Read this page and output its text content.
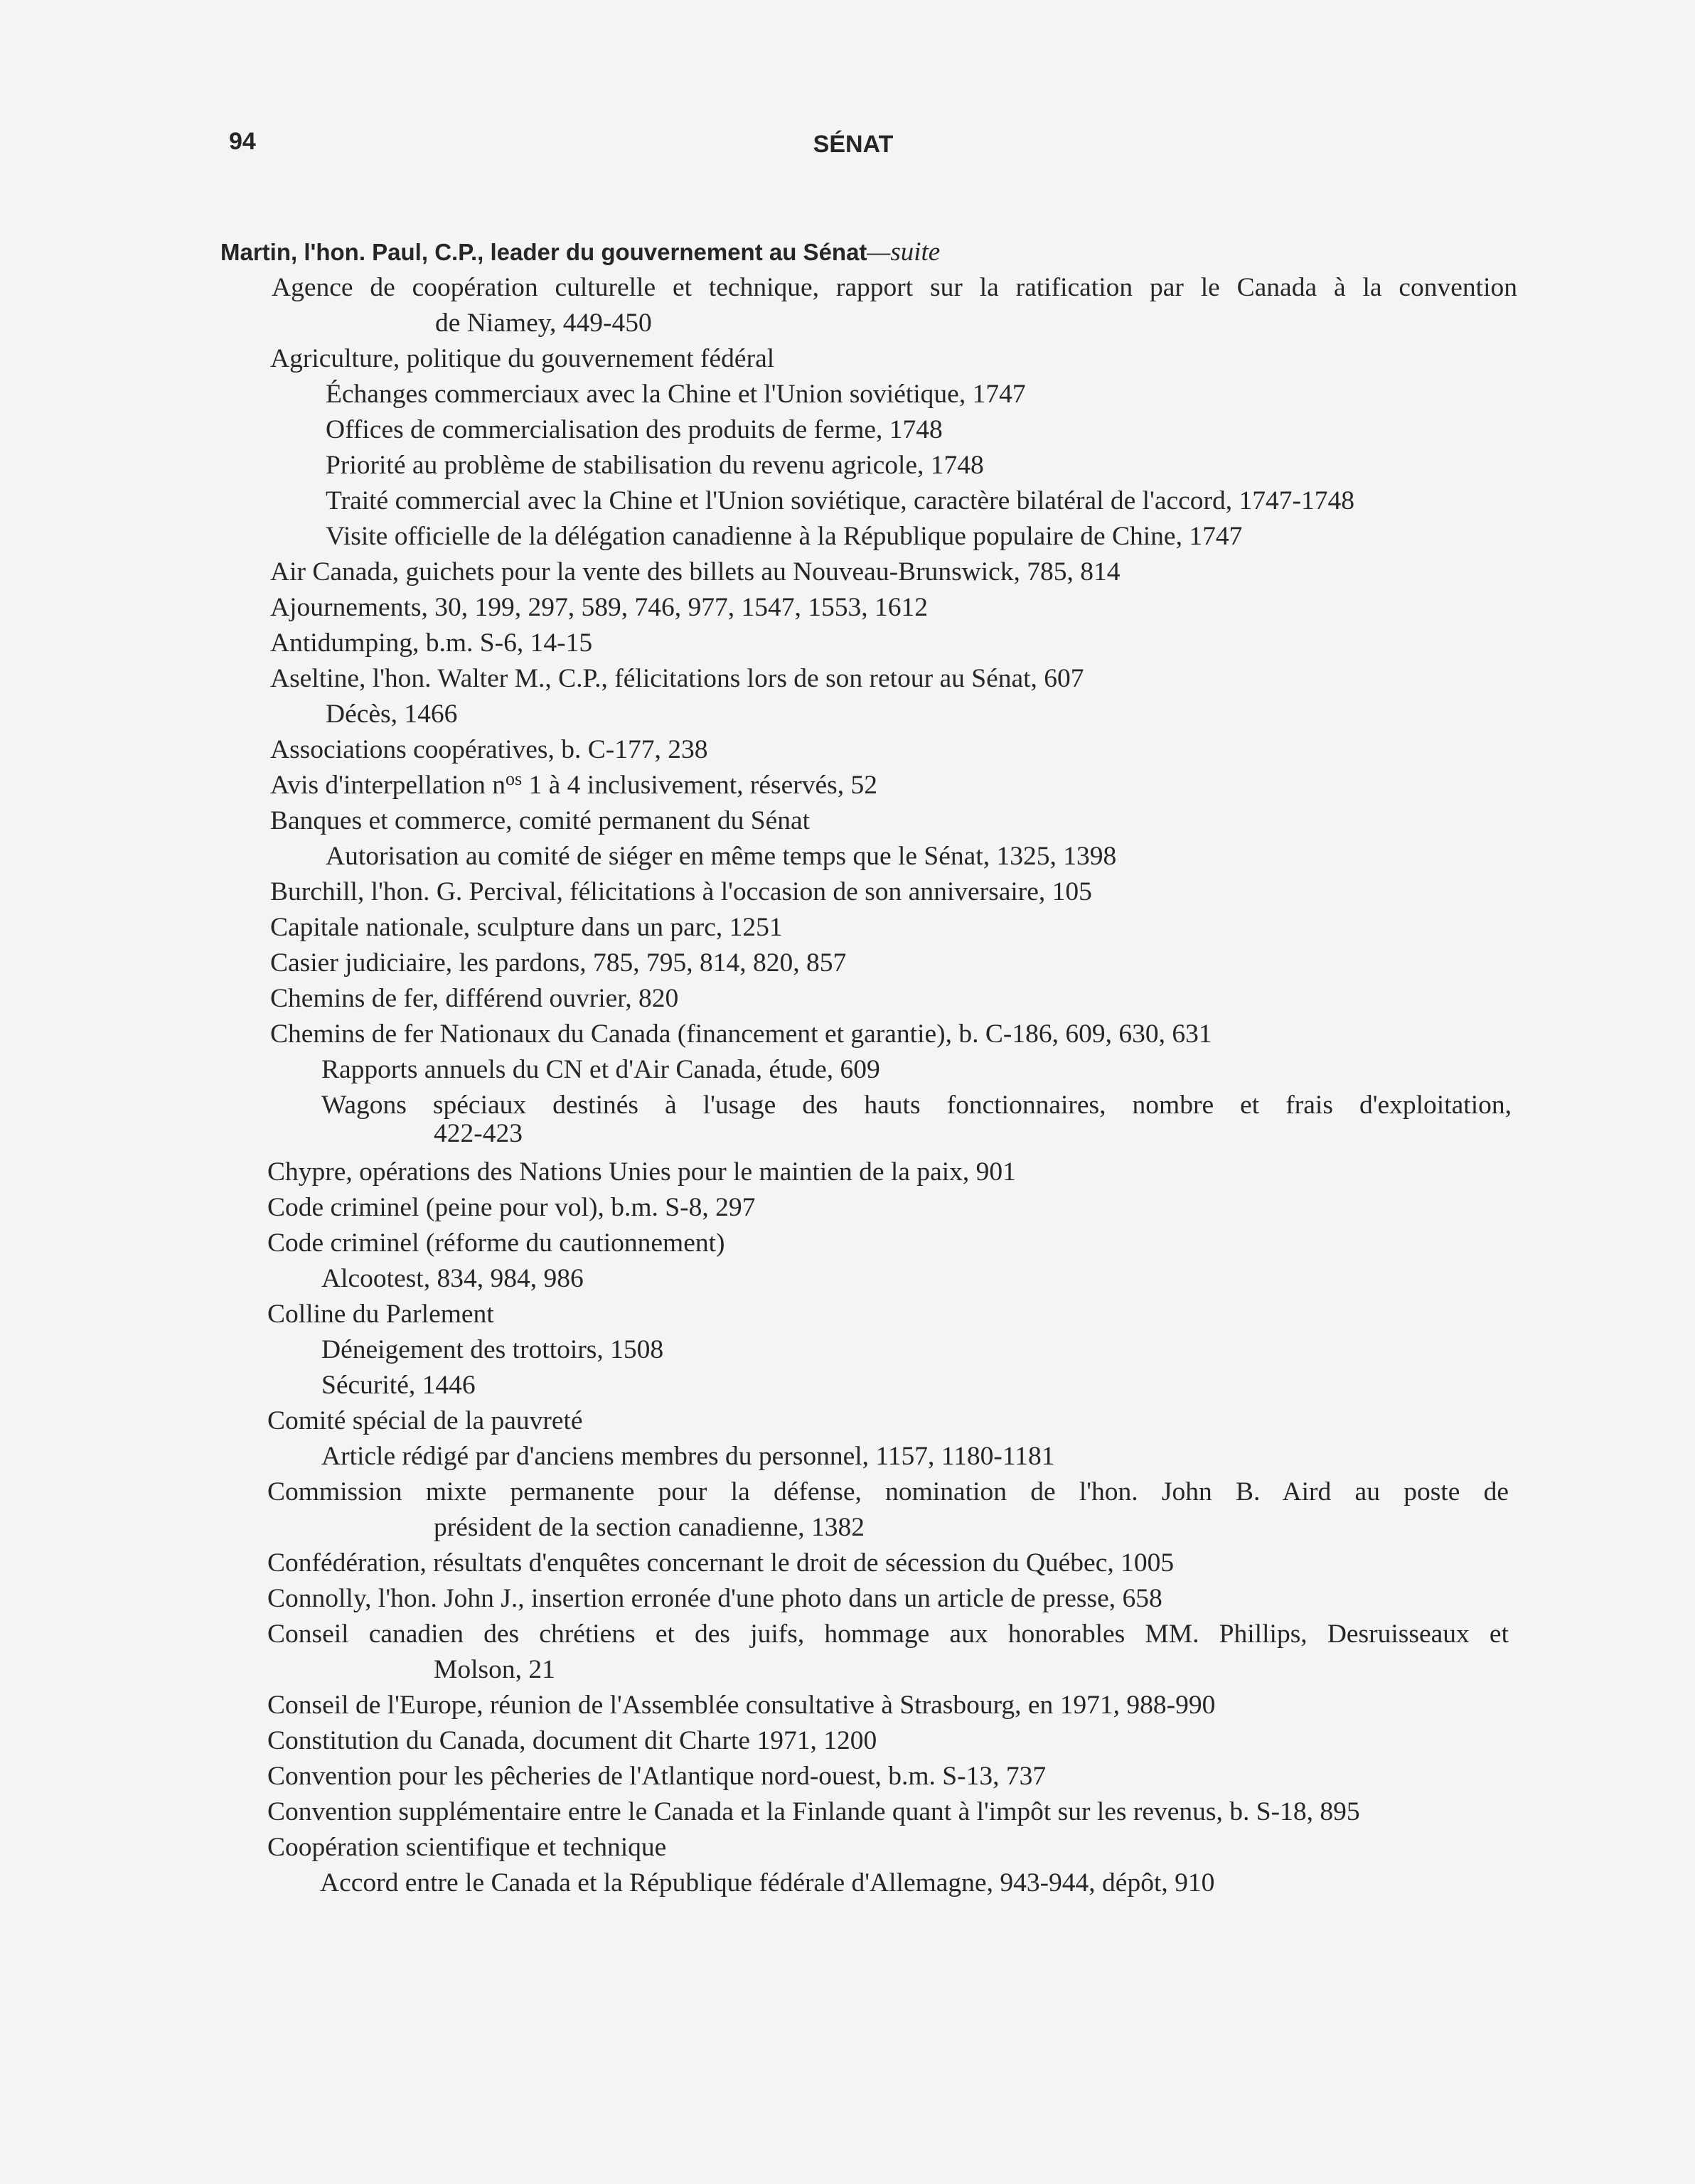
94	SÉNAT
Martin, l'hon. Paul, C.P., leader du gouvernement au Sénat—suite
Agence de coopération culturelle et technique, rapport sur la ratification par le Canada à la convention
de Niamey, 449-450
Agriculture, politique du gouvernement fédéral
Échanges commerciaux avec la Chine et l'Union soviétique, 1747
Offices de commercialisation des produits de ferme, 1748
Priorité au problème de stabilisation du revenu agricole, 1748
Traité commercial avec la Chine et l'Union soviétique, caractère bilatéral de l'accord, 1747-1748
Visite officielle de la délégation canadienne à la République populaire de Chine, 1747
Air Canada, guichets pour la vente des billets au Nouveau-Brunswick, 785, 814
Ajournements, 30, 199, 297, 589, 746, 977, 1547, 1553, 1612
Antidumping, b.m. S-6, 14-15
Aseltine, l'hon. Walter M., C.P., félicitations lors de son retour au Sénat, 607
Décès, 1466
Associations coopératives, b. C-177, 238
Avis d'interpellation $n^{os}$ 1 à 4 inclusivement, réservés, 52
Banques et commerce, comité permanent du Sénat
Autorisation au comité de siéger en même temps que le Sénat, 1325, 1398
Burchill, l'hon. G. Percival, félicitations à l'occasion de son anniversaire, 105
Capitale nationale, sculpture dans un parc, 1251
Casier judiciaire, les pardons, 785, 795, 814, 820, 857
Chemins de fer, différend ouvrier, 820
Chemins de fer Nationaux du Canada (financement et garantie), b. C-186, 609, 630, 631
Rapports annuels du CN et d'Air Canada, étude, 609
Wagons spéciaux destinés à l'usage des hauts fonctionnaires, nombre et frais d'exploitation,
422-423
Chypre, opérations des Nations Unies pour le maintien de la paix, 901
Code criminel (peine pour vol), b.m. S-8, 297
Code criminel (réforme du cautionnement)
Alcootest, 834, 984, 986
Colline du Parlement
Déneigement des trottoirs, 1508
Sécurité, 1446
Comité spécial de la pauvreté
Article rédigé par d'anciens membres du personnel, 1157, 1180-1181
Commission mixte permanente pour la défense, nomination de l'hon. John B. Aird au poste de
président de la section canadienne, 1382
Confédération, résultats d'enquêtes concernant le droit de sécession du Québec, 1005
Connolly, l'hon. John J., insertion erronée d'une photo dans un article de presse, 658
Conseil canadien des chrétiens et des juifs, hommage aux honorables MM. Phillips, Desruisseaux et
Molson, 21
Conseil de l'Europe, réunion de l'Assemblée consultative à Strasbourg, en 1971, 988-990
Constitution du Canada, document dit Charte 1971, 1200
Convention pour les pêcheries de l'Atlantique nord-ouest, b.m. S-13, 737
Convention supplémentaire entre le Canada et la Finlande quant à l'impôt sur les revenus, b. S-18, 895
Coopération scientifique et technique
Accord entre le Canada et la République fédérale d'Allemagne, 943-944, dépôt, 910
